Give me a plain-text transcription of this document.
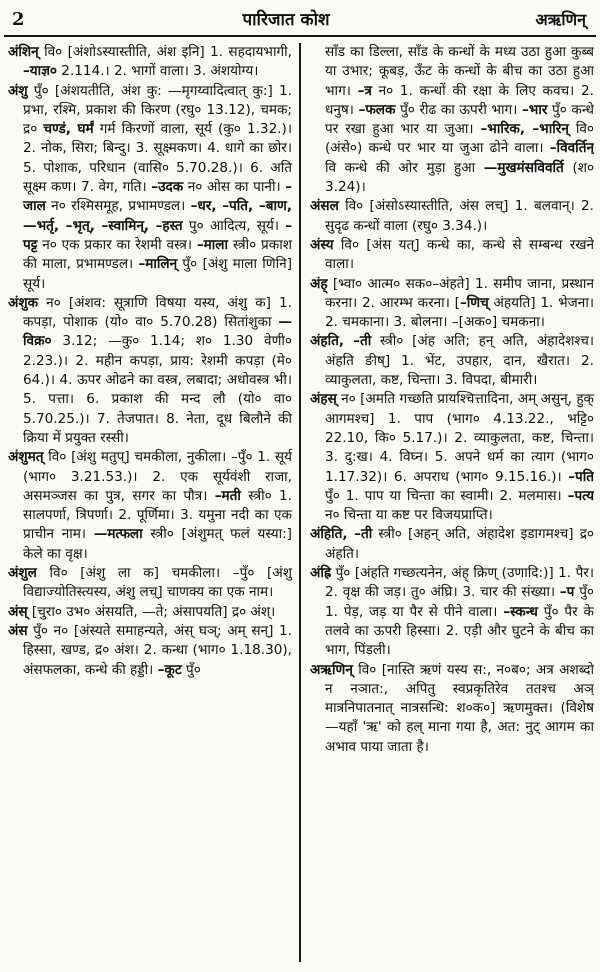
2	पारिजात कोश	अऋणिन्

अंशिन् वि० [अंशोऽस्यास्तीति, अंश इनि] 1. सहदायभागी, –याज्ञ० 2.114.। 2. भागों वाला। 3. अंशयोग्य।

अंशु पुँ० [अंशयतीति, अंश कु: —मृगय्वादित्वात् कु:] 1. प्रभा, रश्मि, प्रकाश की किरण (रघु० 13.12), चमक; द्र० चण्डं, घर्मं गर्म किरणों वाला, सूर्य (कु० 1.32.)। 2. नोक, सिरा; बिन्दु। 3. सूक्ष्मकण। 4. धागे का छोर। 5. पोशाक, परिधान (वासि० 5.70.28.)। 6. अति सूक्ष्म कण। 7. वेग, गति। –उदक न० ओस का पानी। –जाल न० रश्मिसमूह, प्रभामण्डल। –धर, –पति, –बाण, —भर्तृ, –भृत्, –स्वामिन्, –हस्त पु० आदित्य, सूर्य। –पट्ट न० एक प्रकार का रेशमी वस्त्र। –माला स्त्री० प्रकाश की माला, प्रभामण्डल। –मालिन् पुँ० [अंशु माला णिनि] सूर्य।

अंशुक न० [अंशव: सूत्राणि विषया यस्य, अंशु क] 1. कपड़ा, पोशाक (यो० वा० 5.70.28) सितांशुका —विक्र० 3.12; —कु० 1.14; श० 1.30 वेणी० 2.23.)। 2. महीन कपड़ा, प्राय: रेशमी कपड़ा (मे० 64.)। 4. ऊपर ओढने का वस्त्र, लबादा; अधोवस्त्र भी। 5. पत्ता। 6. प्रकाश की मन्द लौ (यो० वा० 5.70.25.)। 7. तेजपात। 8. नेता, दूध बिलौने की क्रिया में प्रयुक्त रस्सी।

अंशुमत् वि० [अंशु मतुप्] चमकीला, नुकीला। –पुँ० 1. सूर्य (भाग० 3.21.53.)। 2. एक सूर्यवंशी राजा, असमञ्जस का पुत्र, सगर का पौत्र। –मती स्त्री० 1. सालपर्णा, त्रिपर्णा। 2. पूर्णिमा। 3. यमुना नदी का एक प्राचीन नाम। —मत्फला स्त्री० [अंशुमत् फलं यस्या:] केले का वृक्ष।

अंशुल वि० [अंशु ला क] चमकीला। –पुँ० [अंशु विद्याज्योतिस्त्यस्य, अंशु लच्] चाणक्य का एक नाम।

अंस् [चुरा० उभ० अंसयति, —ते; अंसापयति] द्र० अंश्।

अंस पुँ० न० [अंस्यते समाहन्यते, अंस् घञ्; अम् सन्] 1. हिस्सा, खण्ड, द्र० अंश। 2. कन्धा (भाग० 1.18.30), अंसफलका, कन्धे की हड्डी। –कूट पुँ०

साँड का डिल्ला, साँड के कन्धों के मध्य उठा हुआ कुब्ब या उभार; कूबड़, ऊँट के कन्धों के बीच का उठा हुआ भाग। –त्र न० 1. कन्धों की रक्षा के लिए कवच। 2. धनुष। –फलक पुँ० रीढ का ऊपरी भाग। –भार पुँ० कन्धे पर रखा हुआ भार या जुआ। –भारिक, –भारिन् वि० (अंसे०) कन्धे पर भार या जुआ ढोने वाला। –विवर्तिन् वि कन्धे की ओर मुड़ा हुआ —मुखमंसविवर्ति (श० 3.24)।

अंसल वि० [अंसोऽस्यास्तीति, अंस लच्] 1. बलवान्। 2. सुदृढ कन्धों वाला (रघु० 3.34.)।

अंस्य वि० [अंस यत्] कन्धे का, कन्धे से सम्बन्ध रखने वाला।

अंह् [भ्वा० आत्म० सक०–अंहते] 1. समीप जाना, प्रस्थान करना। 2. आरम्भ करना। [–णिच् अंहयति] 1. भेजना। 2. चमकाना। 3. बोलना। –[अक०] चमकना।

अंहति, –ती स्त्री० [अंह अति; हन् अति, अंहादेशश्च। अंहति ङीष्] 1. भेंट, उपहार, दान, खैरात। 2. व्याकुलता, कष्ट, चिन्ता। 3. विपदा, बीमारी।

अंहस् न० [अमति गच्छति प्रायश्चित्तादिना, अम् असुन्, हुक् आगमश्च] 1. पाप (भाग० 4.13.22., भट्टि० 22.10, कि० 5.17.)। 2. व्याकुलता, कष्ट, चिन्ता। 3. दु:ख। 4. विघ्न। 5. अपने धर्म का त्याग (भाग० 1.17.32)। 6. अपराध (भाग० 9.15.16.)। –पति पुँ० 1. पाप या चिन्ता का स्वामी। 2. मलमास। –पत्य न० चिन्ता या कष्ट पर विजयप्राप्ति।

अंहिति, –ती स्त्री० [अहन् अति, अंहादेश इडागमश्च] द्र० अंहति।

अंह्रि पुँ० [अंहति गच्छत्यनेन, अंह् क्रिण् (उणादि:)] 1. पैर। 2. वृक्ष की जड़। तु० अंघ्रि। 3. चार की संख्या। –प पुँ० 1. पेड़, जड़ या पैर से पीने वाला। –स्कन्ध पुँ० पैर के तलवे का ऊपरी हिस्सा। 2. एड़ी और घुटने के बीच का भाग, पिंडली।

अऋणिन् वि० [नास्ति ऋणं यस्य स:, न०ब०; अत्र अशब्दो न नञात:, अपितु स्वप्रकृतिरेव ततश्च अञ् मात्रनिपातनात् नात्रसन्धि: श०क०] ऋणमुक्त। (विशेष—यहाँ 'ऋ' को हल् माना गया है, अत: नुट् आगम का अभाव पाया जाता है।
